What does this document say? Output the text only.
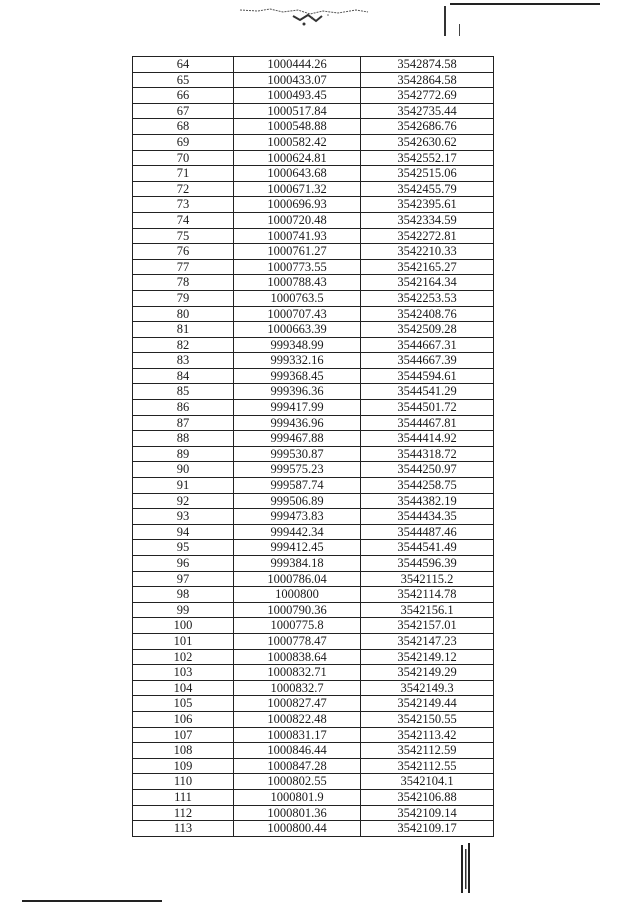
64	1000444.26	3542874.58
65	1000433.07	3542864.58
66	1000493.45	3542772.69
67	1000517.84	3542735.44
68	1000548.88	3542686.76
69	1000582.42	3542630.62
70	1000624.81	3542552.17
71	1000643.68	3542515.06
72	1000671.32	3542455.79
73	1000696.93	3542395.61
74	1000720.48	3542334.59
75	1000741.93	3542272.81
76	1000761.27	3542210.33
77	1000773.55	3542165.27
78	1000788.43	3542164.34
79	1000763.5	3542253.53
80	1000707.43	3542408.76
81	1000663.39	3542509.28
82	999348.99	3544667.31
83	999332.16	3544667.39
84	999368.45	3544594.61
85	999396.36	3544541.29
86	999417.99	3544501.72
87	999436.96	3544467.81
88	999467.88	3544414.92
89	999530.87	3544318.72
90	999575.23	3544250.97
91	999587.74	3544258.75
92	999506.89	3544382.19
93	999473.83	3544434.35
94	999442.34	3544487.46
95	999412.45	3544541.49
96	999384.18	3544596.39
97	1000786.04	3542115.2
98	1000800	3542114.78
99	1000790.36	3542156.1
100	1000775.8	3542157.01
101	1000778.47	3542147.23
102	1000838.64	3542149.12
103	1000832.71	3542149.29
104	1000832.7	3542149.3
105	1000827.47	3542149.44
106	1000822.48	3542150.55
107	1000831.17	3542113.42
108	1000846.44	3542112.59
109	1000847.28	3542112.55
110	1000802.55	3542104.1
111	1000801.9	3542106.88
112	1000801.36	3542109.14
113	1000800.44	3542109.17
